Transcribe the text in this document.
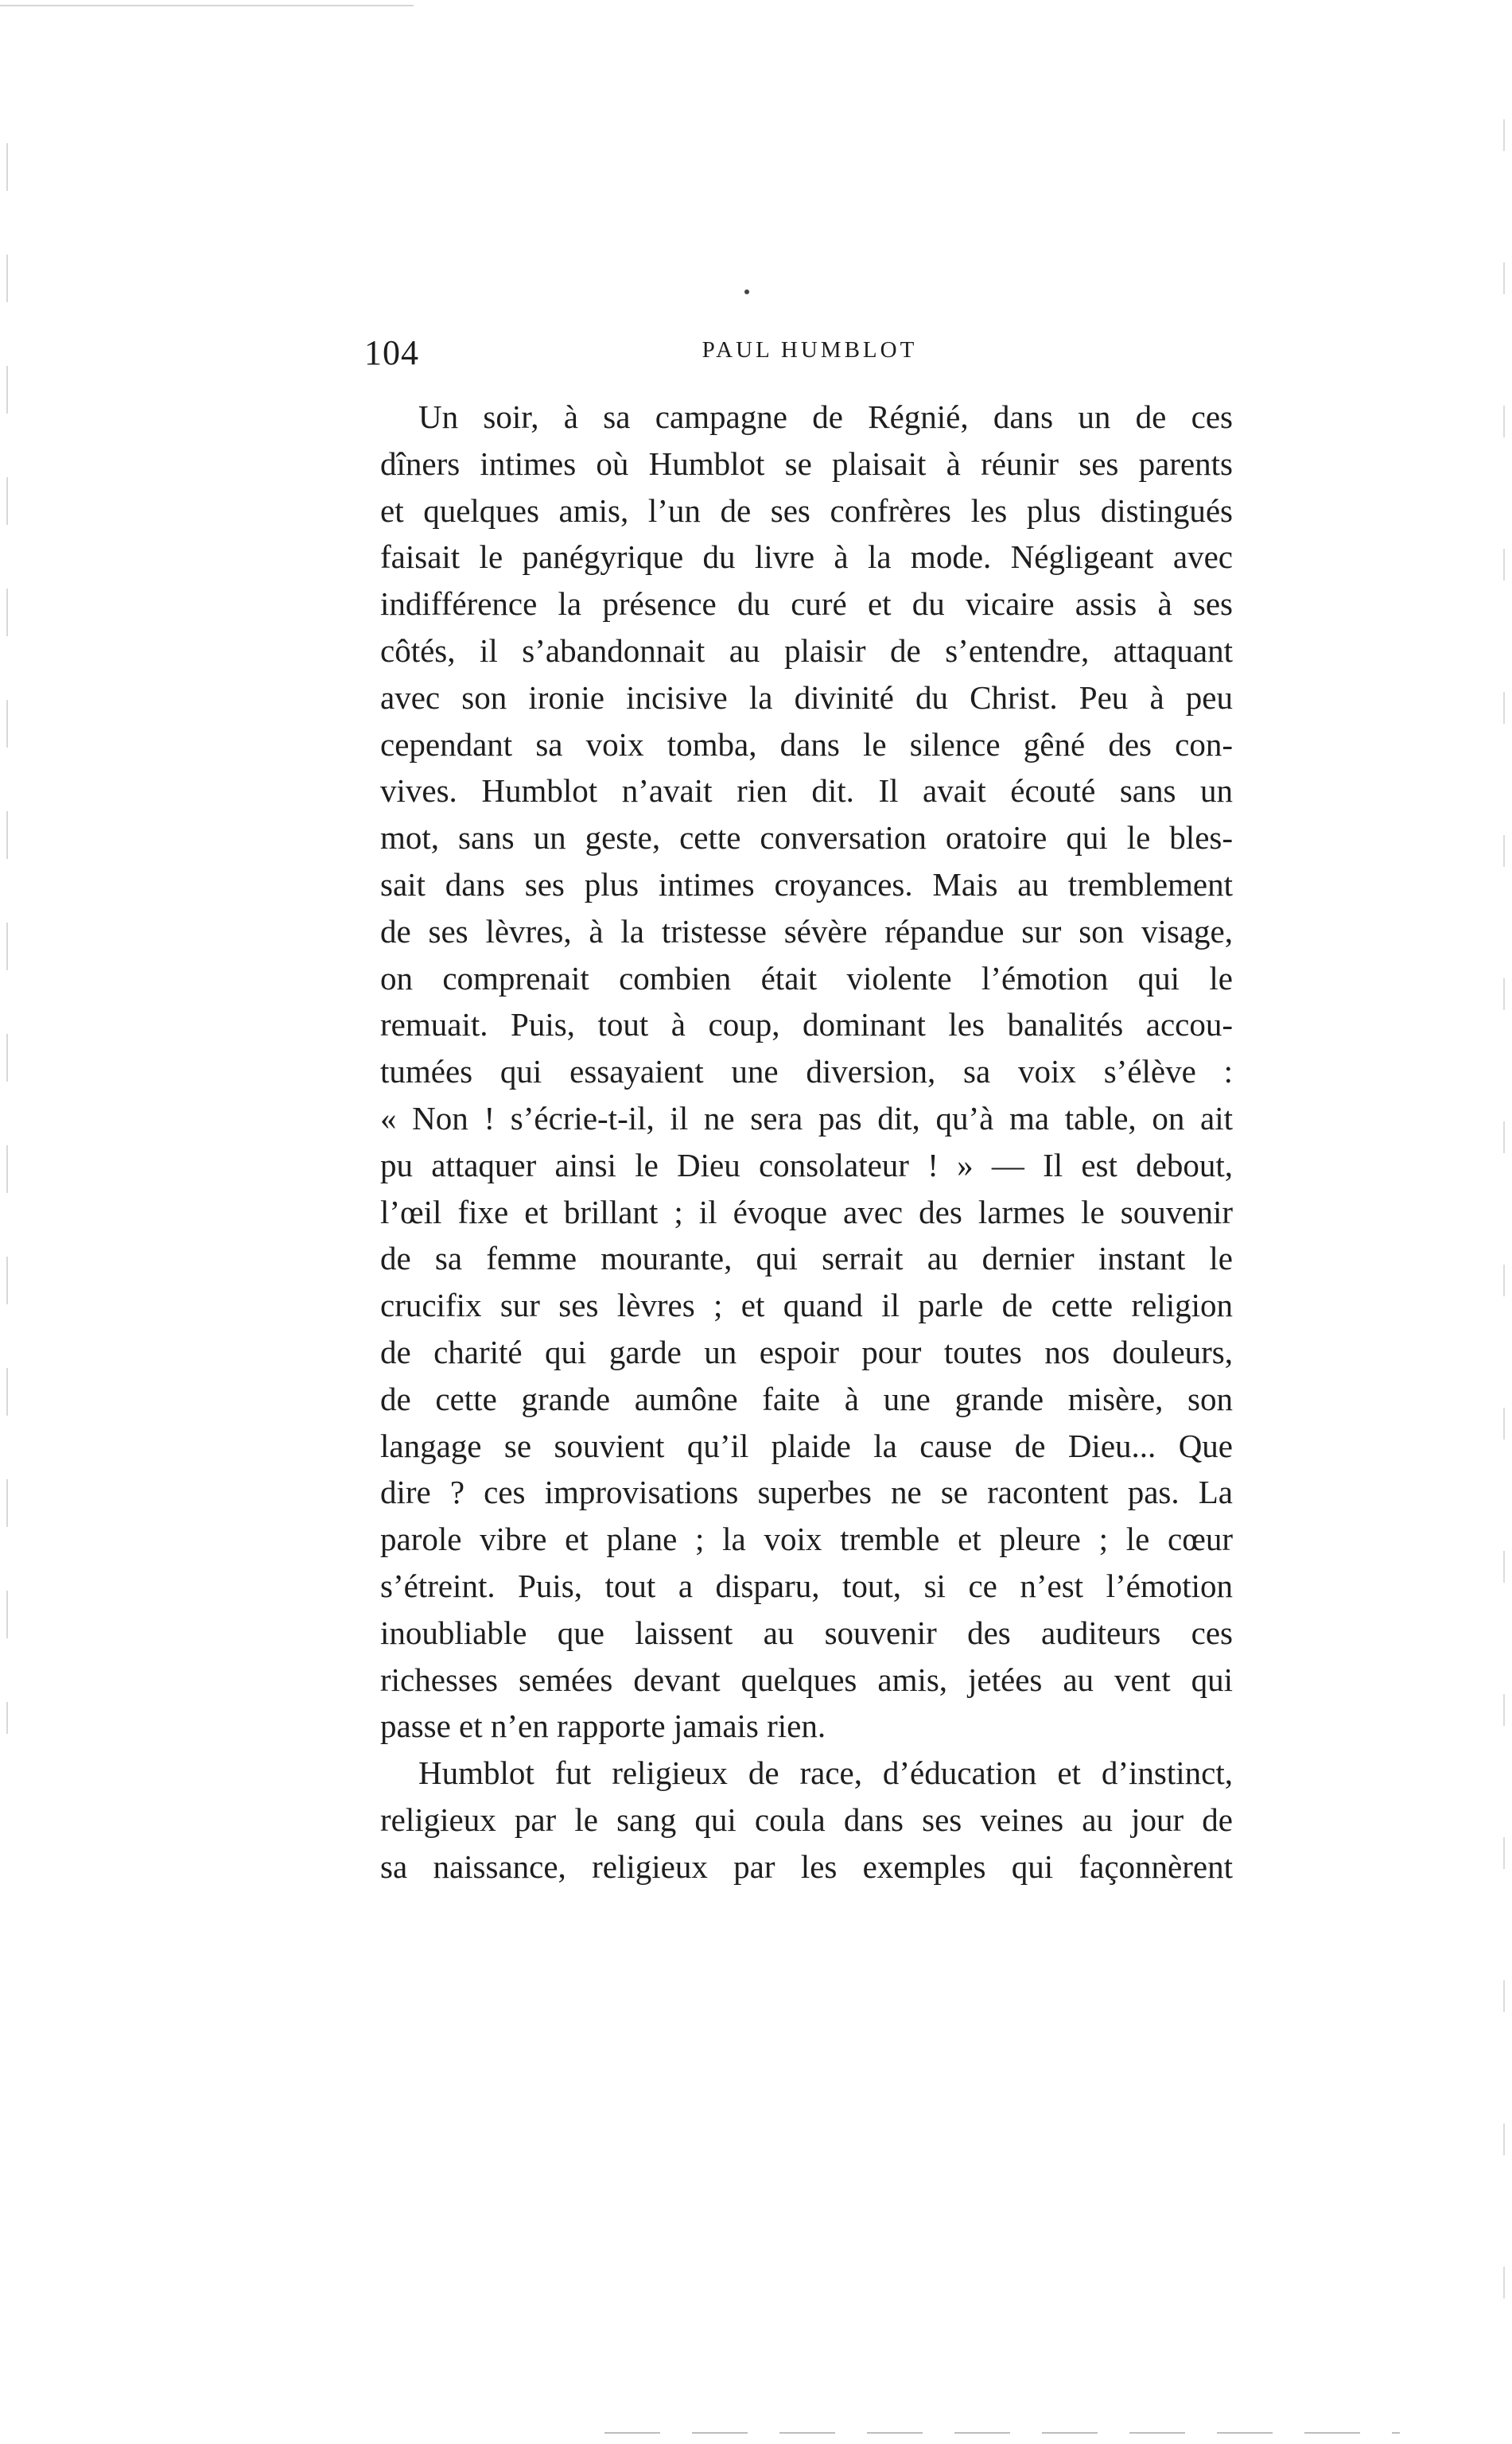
104	PAUL HUMBLOT
Un soir, à sa campagne de Régnié, dans un de ces
dîners intimes où Humblot se plaisait à réunir ses parents
et quelques amis, l’un de ses confrères les plus distingués
faisait le panégyrique du livre à la mode. Négligeant avec
indifférence la présence du curé et du vicaire assis à ses
côtés, il s’abandonnait au plaisir de s’entendre, attaquant
avec son ironie incisive la divinité du Christ. Peu à peu
cependant sa voix tomba, dans le silence gêné des con-
vives. Humblot n’avait rien dit. Il avait écouté sans un
mot, sans un geste, cette conversation oratoire qui le bles-
sait dans ses plus intimes croyances. Mais au tremblement
de ses lèvres, à la tristesse sévère répandue sur son visage,
on comprenait combien était violente l’émotion qui le
remuait. Puis, tout à coup, dominant les banalités accou-
tumées qui essayaient une diversion, sa voix s’élève :
« Non ! s’écrie-t-il, il ne sera pas dit, qu’à ma table, on ait
pu attaquer ainsi le Dieu consolateur ! » — Il est debout,
l’œil fixe et brillant ; il évoque avec des larmes le souvenir
de sa femme mourante, qui serrait au dernier instant le
crucifix sur ses lèvres ; et quand il parle de cette religion
de charité qui garde un espoir pour toutes nos douleurs,
de cette grande aumône faite à une grande misère, son
langage se souvient qu’il plaide la cause de Dieu... Que
dire ? ces improvisations superbes ne se racontent pas. La
parole vibre et plane ; la voix tremble et pleure ; le cœur
s’étreint. Puis, tout a disparu, tout, si ce n’est l’émotion
inoubliable que laissent au souvenir des auditeurs ces
richesses semées devant quelques amis, jetées au vent qui
passe et n’en rapporte jamais rien.
Humblot fut religieux de race, d’éducation et d’instinct,
religieux par le sang qui coula dans ses veines au jour de
sa naissance, religieux par les exemples qui façonnèrent
